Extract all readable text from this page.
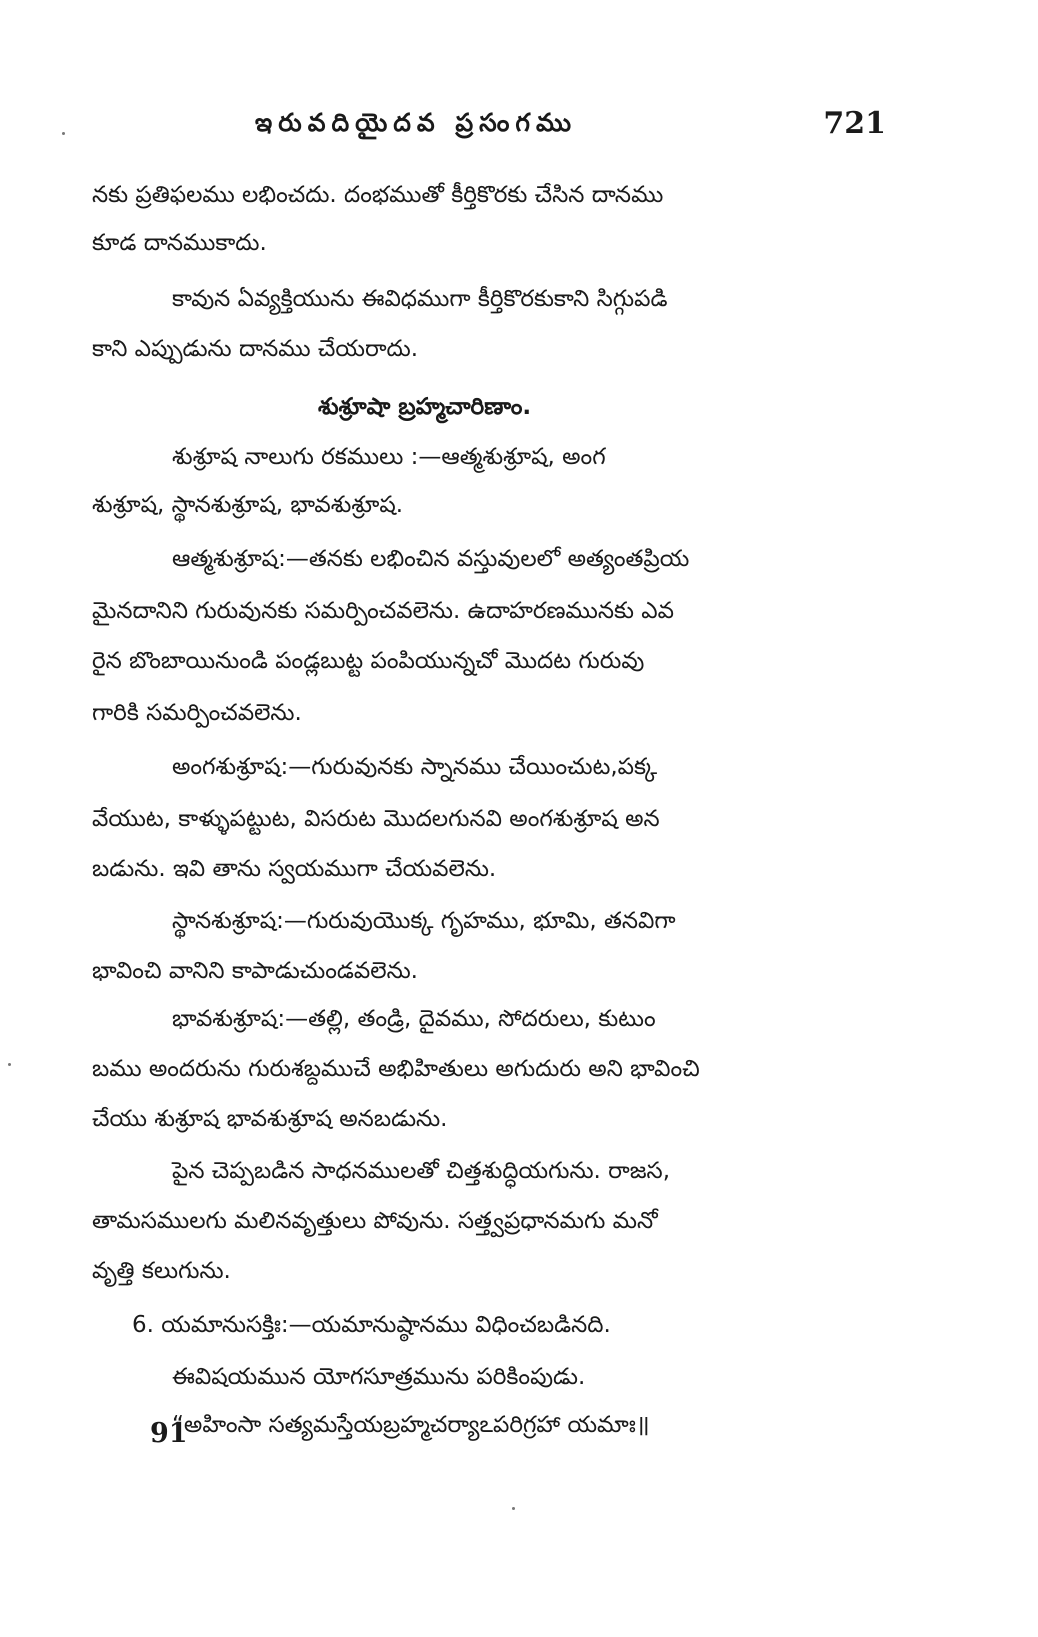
ఇరువదియైదవ ప్రసంగము	721
నకు ప్రతిఫలము లభించదు. దంభముతో కీర్తికొరకు చేసిన దానము
కూడ దానముకాదు.
కావున ఏవ్యక్తియును ఈవిధముగా కీర్తికొరకుకాని సిగ్గుపడి
కాని ఎప్పుడును దానము చేయరాదు.
శుశ్రూషా బ్రహ్మచారిణాం.
శుశ్రూష నాలుగు రకములు :—ఆత్మశుశ్రూష, అంగ
శుశ్రూష, స్థానశుశ్రూష, భావశుశ్రూష.
ఆత్మశుశ్రూష:—తనకు లభించిన వస్తువులలో అత్యంతప్రియ
మైనదానిని గురువునకు సమర్పించవలెను. ఉదాహరణమునకు ఎవ
రైన బొంబాయినుండి పండ్లబుట్ట పంపియున్నచో మొదట గురువు
గారికి సమర్పించవలెను.
అంగశుశ్రూష:—గురువునకు స్నానము చేయించుట,పక్క
వేయుట, కాళ్ళుపట్టుట, విసరుట మొదలగునవి అంగశుశ్రూష అన
బడును. ఇవి తాను స్వయముగా చేయవలెను.
స్థానశుశ్రూష:—గురువుయొక్క గృహము, భూమి, తనవిగా
భావించి వానిని కాపాడుచుండవలెను.
భావశుశ్రూష:—తల్లి, తండ్రి, దైవము, సోదరులు, కుటుం
బము అందరును గురుశబ్దముచే అభిహితులు అగుదురు అని భావించి
చేయు శుశ్రూష భావశుశ్రూష అనబడును.
పైన చెప్పబడిన సాధనములతో చిత్తశుద్ధియగును. రాజస,
తామసములగు మలినవృత్తులు పోవును. సత్త్వప్రధానమగు మనో
వృత్తి కలుగును.
6. యమానుసక్తిః:—యమానుష్ఠానము విధించబడినది.
ఈవిషయమున యోగసూత్రమును పరికింపుడు.
“అహింసా సత్యమస్తేయబ్రహ్మచర్యాఽపరిగ్రహా యమాః॥
91
